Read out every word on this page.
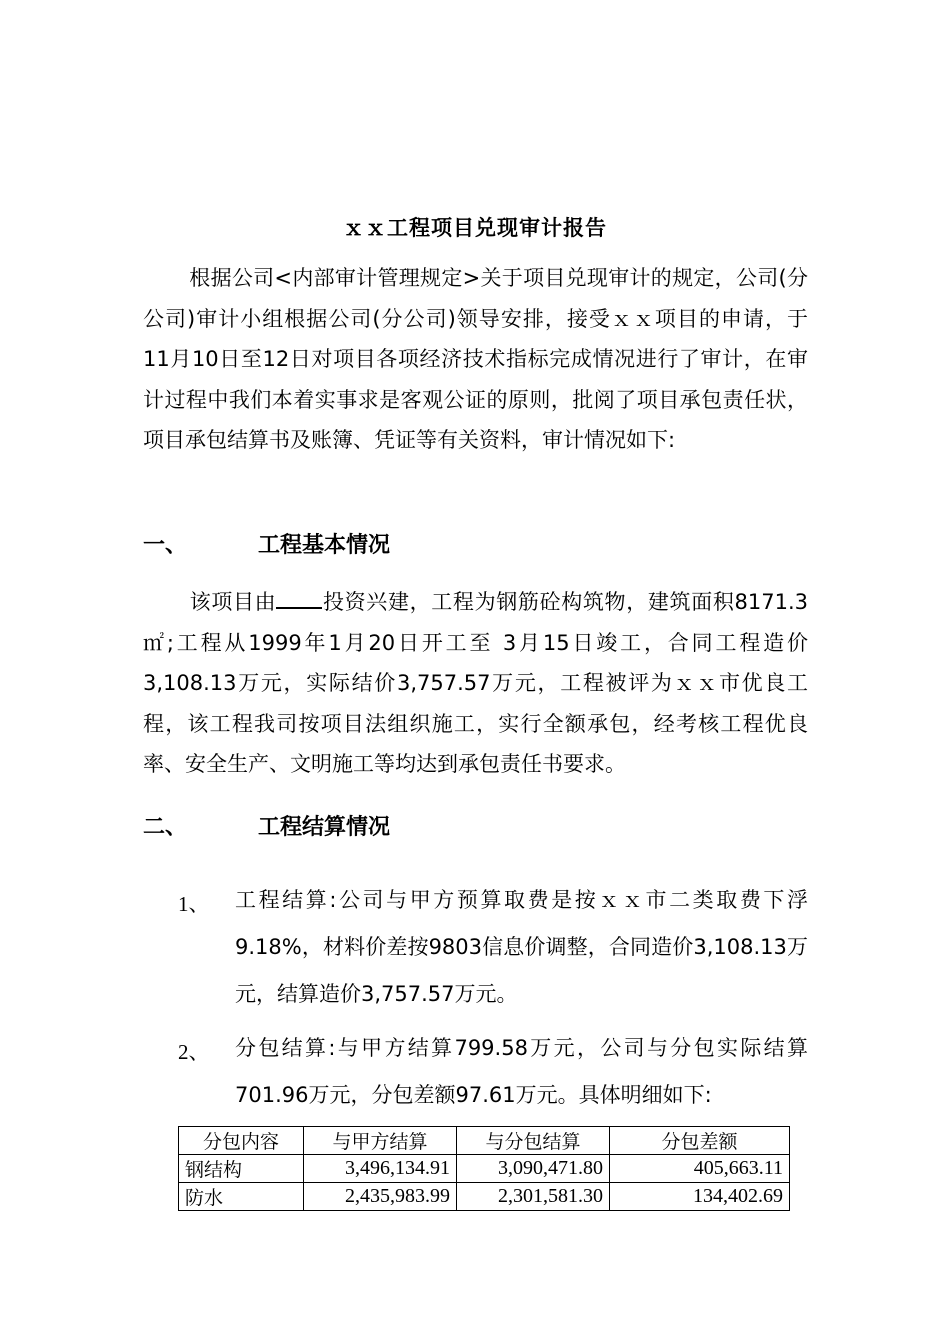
ｘｘ工程项目兑现审计报告

根据公司<内部审计管理规定>关于项目兑现审计的规定，公司(分公司)审计小组根据公司(分公司)领导安排，接受ｘｘ项目的申请，于 11月10日至12日对项目各项经济技术指标完成情况进行了审计，在审计过程中我们本着实事求是客观公证的原则，批阅了项目承包责任状，项目承包结算书及账簿、凭证等有关资料，审计情况如下:

一、	工程基本情况

该项目由 投资兴建，工程为钢筋砼构筑物，建筑面积8171.3㎡;工程从1999年1月20日开工至 3月15日竣工，合同工程造价3,108.13万元，实际结价3,757.57万元，工程被评为ｘｘ市优良工程，该工程我司按项目法组织施工，实行全额承包，经考核工程优良率、安全生产、文明施工等均达到承包责任书要求。

二、	工程结算情况
1、 工程结算:公司与甲方预算取费是按ｘｘ市二类取费下浮9.18%，材料价差按9803信息价调整，合同造价3,108.13万元，结算造价3,757.57万元。
2、 分包结算:与甲方结算799.58万元，公司与分包实际结算701.96万元，分包差额97.61万元。具体明细如下:
分包内容	与甲方结算	与分包结算	分包差额
钢结构	3,496,134.91	3,090,471.80	405,663.11
防水	2,435,983.99	2,301,581.30	134,402.69
